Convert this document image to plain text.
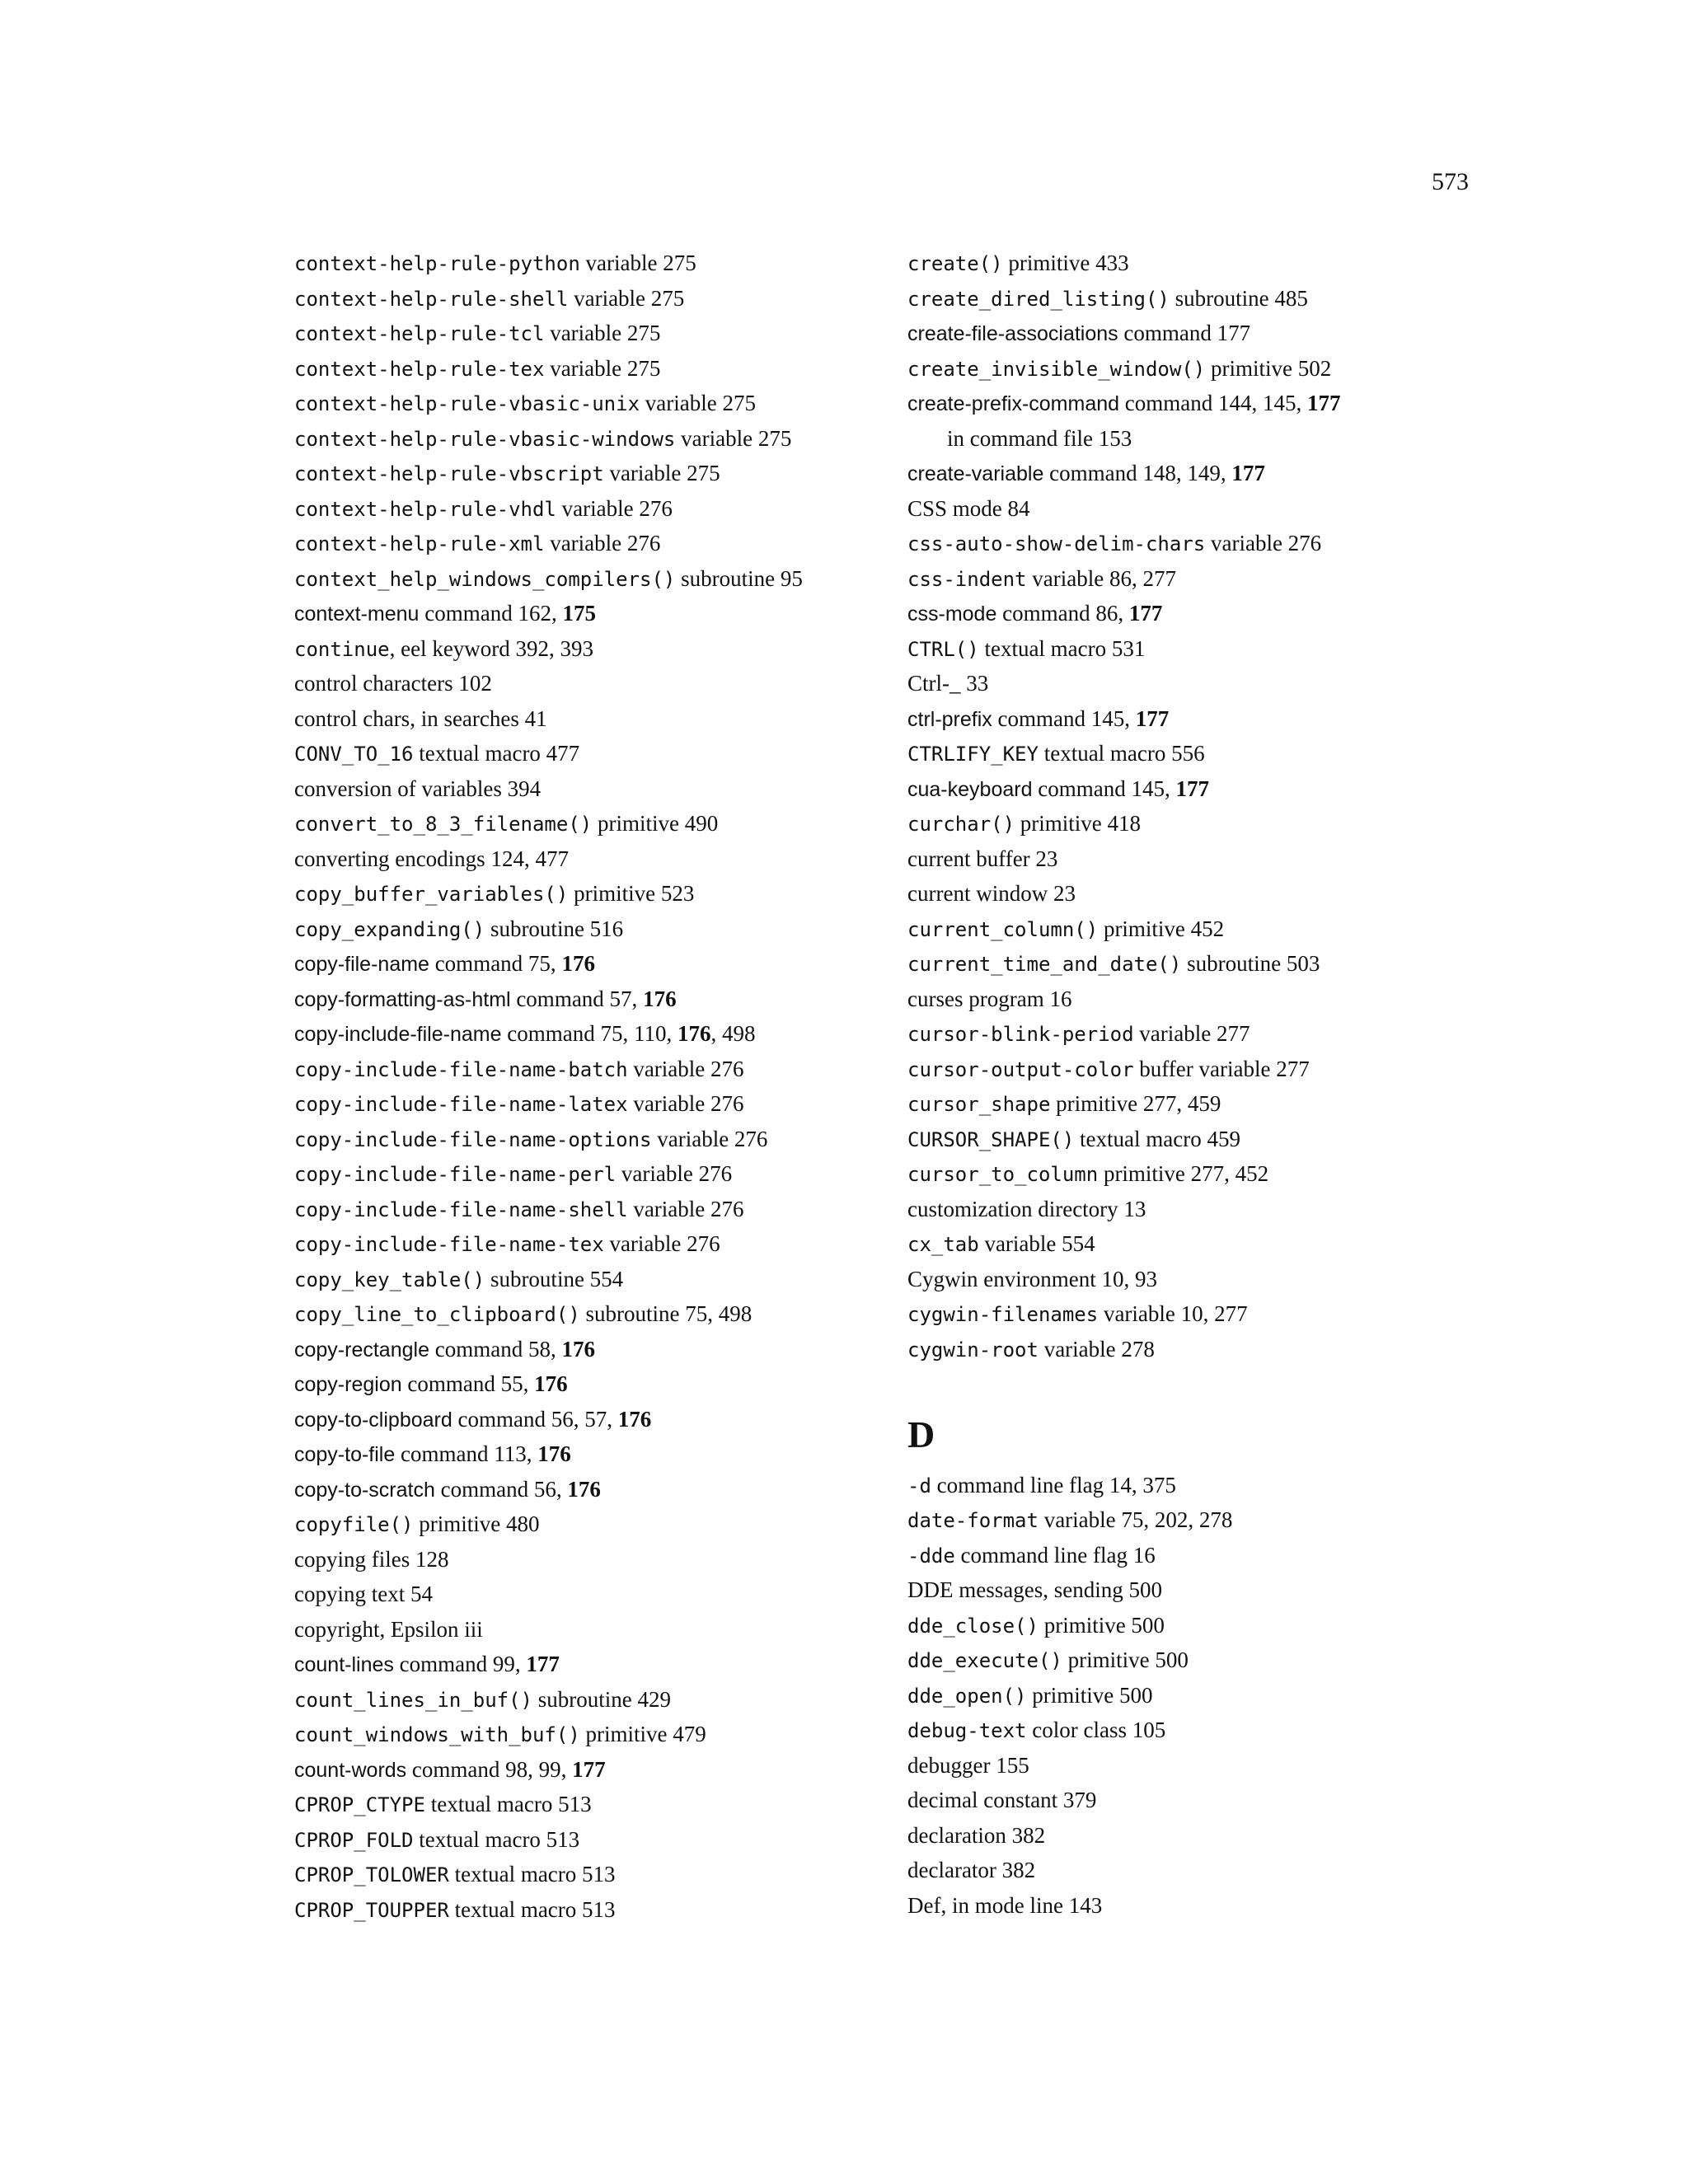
573
context-help-rule-python variable 275
context-help-rule-shell variable 275
context-help-rule-tcl variable 275
context-help-rule-tex variable 275
context-help-rule-vbasic-unix variable 275
context-help-rule-vbasic-windows variable 275
context-help-rule-vbscript variable 275
context-help-rule-vhdl variable 276
context-help-rule-xml variable 276
context_help_windows_compilers() subroutine 95
context-menu command 162, 175
continue, eel keyword 392, 393
control characters 102
control chars, in searches 41
CONV_TO_16 textual macro 477
conversion of variables 394
convert_to_8_3_filename() primitive 490
converting encodings 124, 477
copy_buffer_variables() primitive 523
copy_expanding() subroutine 516
copy-file-name command 75, 176
copy-formatting-as-html command 57, 176
copy-include-file-name command 75, 110, 176, 498
copy-include-file-name-batch variable 276
copy-include-file-name-latex variable 276
copy-include-file-name-options variable 276
copy-include-file-name-perl variable 276
copy-include-file-name-shell variable 276
copy-include-file-name-tex variable 276
copy_key_table() subroutine 554
copy_line_to_clipboard() subroutine 75, 498
copy-rectangle command 58, 176
copy-region command 55, 176
copy-to-clipboard command 56, 57, 176
copy-to-file command 113, 176
copy-to-scratch command 56, 176
copyfile() primitive 480
copying files 128
copying text 54
copyright, Epsilon iii
count-lines command 99, 177
count_lines_in_buf() subroutine 429
count_windows_with_buf() primitive 479
count-words command 98, 99, 177
CPROP_CTYPE textual macro 513
CPROP_FOLD textual macro 513
CPROP_TOLOWER textual macro 513
CPROP_TOUPPER textual macro 513
create() primitive 433
create_dired_listing() subroutine 485
create-file-associations command 177
create_invisible_window() primitive 502
create-prefix-command command 144, 145, 177
in command file 153
create-variable command 148, 149, 177
CSS mode 84
css-auto-show-delim-chars variable 276
css-indent variable 86, 277
css-mode command 86, 177
CTRL() textual macro 531
Ctrl-_ 33
ctrl-prefix command 145, 177
CTRLIFY_KEY textual macro 556
cua-keyboard command 145, 177
curchar() primitive 418
current buffer 23
current window 23
current_column() primitive 452
current_time_and_date() subroutine 503
curses program 16
cursor-blink-period variable 277
cursor-output-color buffer variable 277
cursor_shape primitive 277, 459
CURSOR_SHAPE() textual macro 459
cursor_to_column primitive 277, 452
customization directory 13
cx_tab variable 554
Cygwin environment 10, 93
cygwin-filenames variable 10, 277
cygwin-root variable 278
D
-d command line flag 14, 375
date-format variable 75, 202, 278
-dde command line flag 16
DDE messages, sending 500
dde_close() primitive 500
dde_execute() primitive 500
dde_open() primitive 500
debug-text color class 105
debugger 155
decimal constant 379
declaration 382
declarator 382
Def, in mode line 143
